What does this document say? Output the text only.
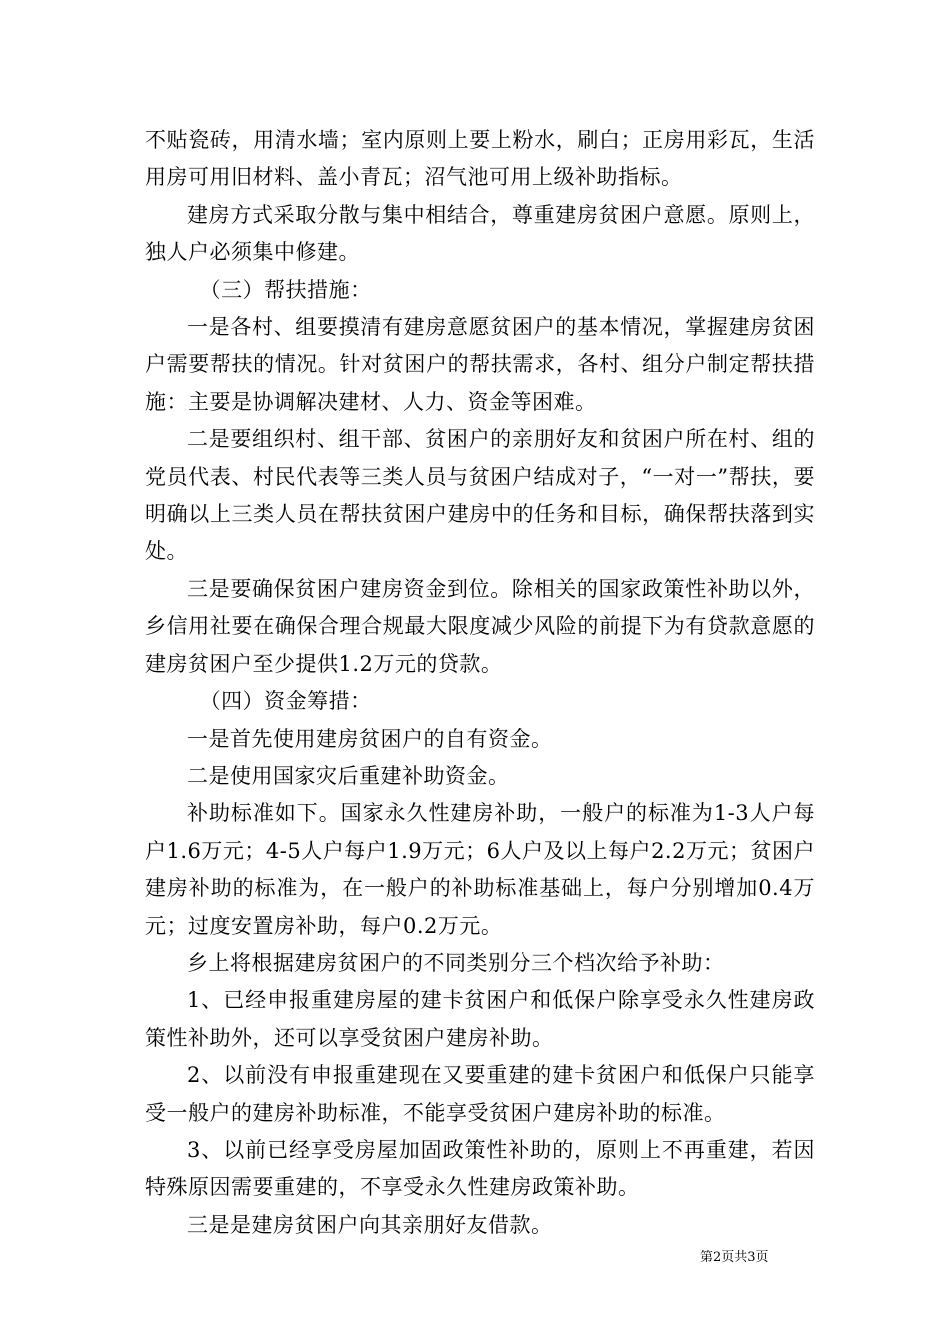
不贴瓷砖，用清水墙；室内原则上要上粉水，刷白；正房用彩瓦，生活用房可用旧材料、盖小青瓦；沼气池可用上级补助指标。

建房方式采取分散与集中相结合，尊重建房贫困户意愿。原则上，独人户必须集中修建。

（三）帮扶措施：

一是各村、组要摸清有建房意愿贫困户的基本情况，掌握建房贫困户需要帮扶的情况。针对贫困户的帮扶需求，各村、组分户制定帮扶措施：主要是协调解决建材、人力、资金等困难。

二是要组织村、组干部、贫困户的亲朋好友和贫困户所在村、组的党员代表、村民代表等三类人员与贫困户结成对子，“一对一”帮扶，要明确以上三类人员在帮扶贫困户建房中的任务和目标，确保帮扶落到实处。

三是要确保贫困户建房资金到位。除相关的国家政策性补助以外，乡信用社要在确保合理合规最大限度减少风险的前提下为有贷款意愿的建房贫困户至少提供1.2万元的贷款。

（四）资金筹措：

一是首先使用建房贫困户的自有资金。

二是使用国家灾后重建补助资金。

补助标准如下。国家永久性建房补助，一般户的标准为1-3人户每户1.6万元；4-5人户每户1.9万元；6人户及以上每户2.2万元；贫困户建房补助的标准为，在一般户的补助标准基础上，每户分别增加0.4万元；过度安置房补助，每户0.2万元。

乡上将根据建房贫困户的不同类别分三个档次给予补助：

1、已经申报重建房屋的建卡贫困户和低保户除享受永久性建房政策性补助外，还可以享受贫困户建房补助。

2、以前没有申报重建现在又要重建的建卡贫困户和低保户只能享受一般户的建房补助标准，不能享受贫困户建房补助的标准。

3、以前已经享受房屋加固政策性补助的，原则上不再重建，若因特殊原因需要重建的，不享受永久性建房政策补助。

三是是建房贫困户向其亲朋好友借款。

第2页共3页
